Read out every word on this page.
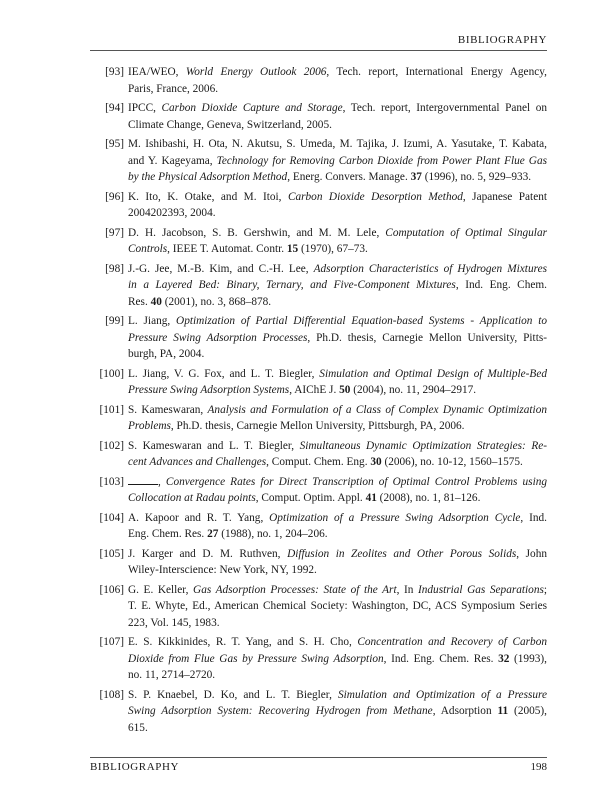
BIBLIOGRAPHY
[93] IEA/WEO, World Energy Outlook 2006, Tech. report, International Energy Agency,
Paris, France, 2006.
[94] IPCC, Carbon Dioxide Capture and Storage, Tech. report, Intergovernmental Panel on
Climate Change, Geneva, Switzerland, 2005.
[95] M. Ishibashi, H. Ota, N. Akutsu, S. Umeda, M. Tajika, J. Izumi, A. Yasutake, T. Kabata,
and Y. Kageyama, Technology for Removing Carbon Dioxide from Power Plant Flue Gas
by the Physical Adsorption Method, Energ. Convers. Manage. 37 (1996), no. 5, 929–933.
[96] K. Ito, K. Otake, and M. Itoi, Carbon Dioxide Desorption Method, Japanese Patent
2004202393, 2004.
[97] D. H. Jacobson, S. B. Gershwin, and M. M. Lele, Computation of Optimal Singular
Controls, IEEE T. Automat. Contr. 15 (1970), 67–73.
[98] J.-G. Jee, M.-B. Kim, and C.-H. Lee, Adsorption Characteristics of Hydrogen Mixtures
in a Layered Bed: Binary, Ternary, and Five-Component Mixtures, Ind. Eng. Chem.
Res. 40 (2001), no. 3, 868–878.
[99] L. Jiang, Optimization of Partial Differential Equation-based Systems - Application to
Pressure Swing Adsorption Processes, Ph.D. thesis, Carnegie Mellon University, Pitts-
burgh, PA, 2004.
[100] L. Jiang, V. G. Fox, and L. T. Biegler, Simulation and Optimal Design of Multiple-Bed
Pressure Swing Adsorption Systems, AIChE J. 50 (2004), no. 11, 2904–2917.
[101] S. Kameswaran, Analysis and Formulation of a Class of Complex Dynamic Optimization
Problems, Ph.D. thesis, Carnegie Mellon University, Pittsburgh, PA, 2006.
[102] S. Kameswaran and L. T. Biegler, Simultaneous Dynamic Optimization Strategies: Re-
cent Advances and Challenges, Comput. Chem. Eng. 30 (2006), no. 10-12, 1560–1575.
[103]	, Convergence Rates for Direct Transcription of Optimal Control Problems using
Collocation at Radau points, Comput. Optim. Appl. 41 (2008), no. 1, 81–126.
[104] A. Kapoor and R. T. Yang, Optimization of a Pressure Swing Adsorption Cycle, Ind.
Eng. Chem. Res. 27 (1988), no. 1, 204–206.
[105] J. Karger and D. M. Ruthven, Diffusion in Zeolites and Other Porous Solids, John
Wiley-Interscience: New York, NY, 1992.
[106] G. E. Keller, Gas Adsorption Processes: State of the Art, In Industrial Gas Separations;
T. E. Whyte, Ed., American Chemical Society: Washington, DC, ACS Symposium Series
223, Vol. 145, 1983.
[107] E. S. Kikkinides, R. T. Yang, and S. H. Cho, Concentration and Recovery of Carbon
Dioxide from Flue Gas by Pressure Swing Adsorption, Ind. Eng. Chem. Res. 32 (1993),
no. 11, 2714–2720.
[108] S. P. Knaebel, D. Ko, and L. T. Biegler, Simulation and Optimization of a Pressure
Swing Adsorption System: Recovering Hydrogen from Methane, Adsorption 11 (2005),
615.
BIBLIOGRAPHY	198
